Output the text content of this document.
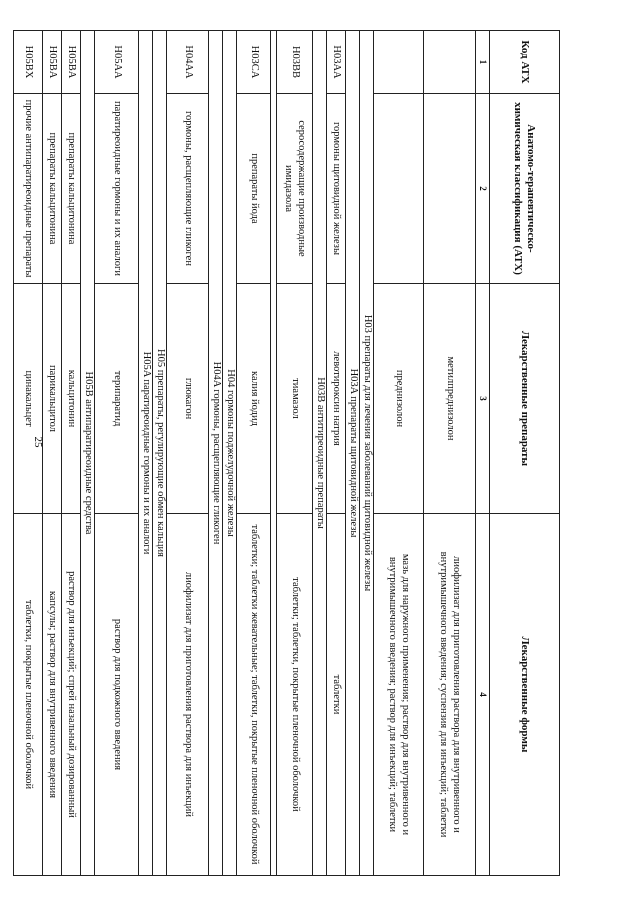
25
Код АТХ	Анатомо-терапевтическо-химическая классификация (АТХ)	Лекарственные препараты	Лекарственные формы
1	2	3	4
		метилпреднизолон	лиофилизат для приготовления раствора для внутривенного и внутримышечного введения; суспензия для инъекций; таблетки
		преднизолон	мазь для наружного применения; раствор для внутривенного и внутримышечного введения; раствор для инъекций; таблетки
H03 препараты для лечения заболеваний щитовидной железы			
H03A препараты щитовидной железы			
H03AA	гормоны щитовидной железы	левотироксин натрия	таблетки
H03B антитиреоидные препараты			
H03BB	серосодержащие производные имидазола	тиамазол	таблетки; таблетки, покрытые пленочной оболочкой

H03CA	препараты йода	калия йодид	таблетки; таблетки жевательные; таблетки, покрытые пленочной оболочкой
H04 гормоны поджелудочной железы			
H04A гормоны, расщепляющие гликоген			
H04AA	гормоны, расщепляющие гликоген	глюкагон	лиофилизат для приготовления раствора для инъекций
H05 препараты, регулирующие обмен кальция			
H05A паратиреоидные гормоны и их аналоги			
H05AA	паратиреоидные гормоны и их аналоги	терипаратид	раствор для подкожного введения
H05B антипаратиреоидные средства			
H05BA	препараты кальцитонина	кальцитонин	раствор для инъекций; спрей назальный дозированный
H05BA	препараты кальцитонина	парикальцитол	капсулы; раствор для внутривенного введения
H05BX	прочие антипаратиреоидные препараты	цинакальцет	таблетки, покрытые пленочной оболочкой
